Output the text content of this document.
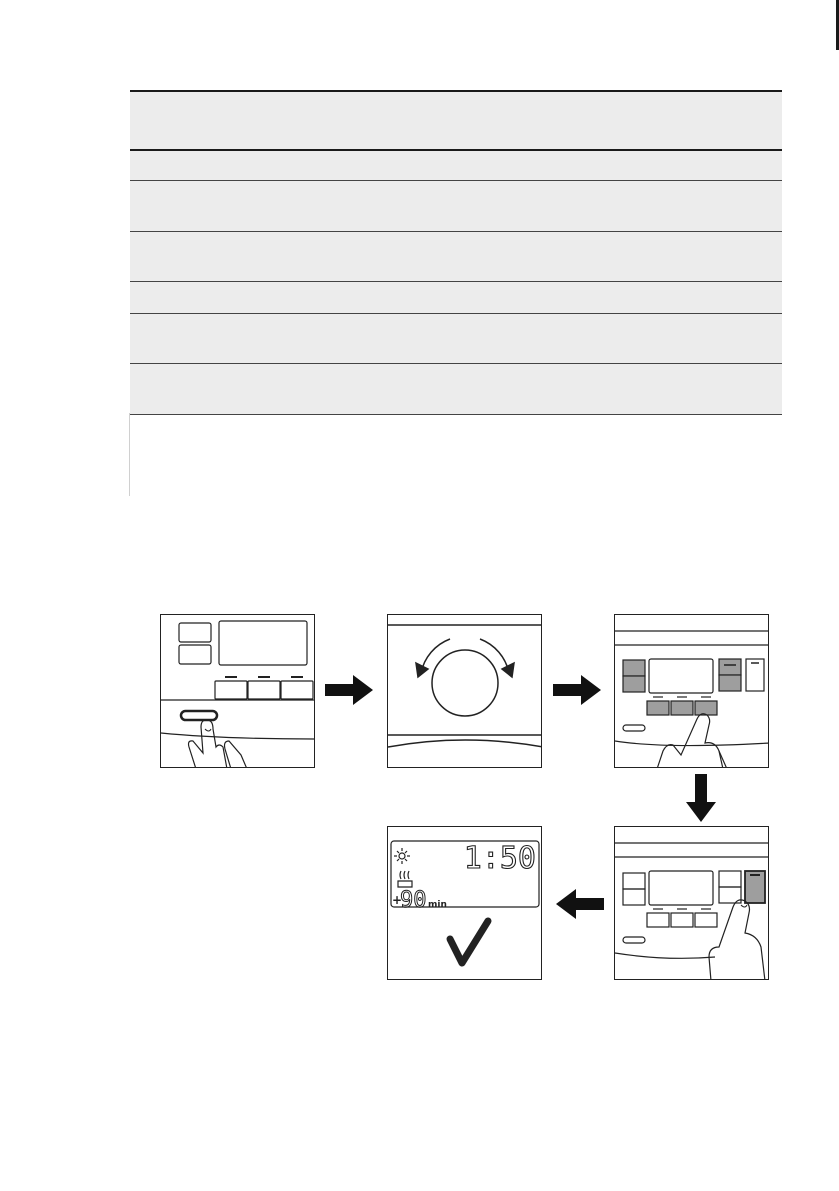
1:50
+
90 min
